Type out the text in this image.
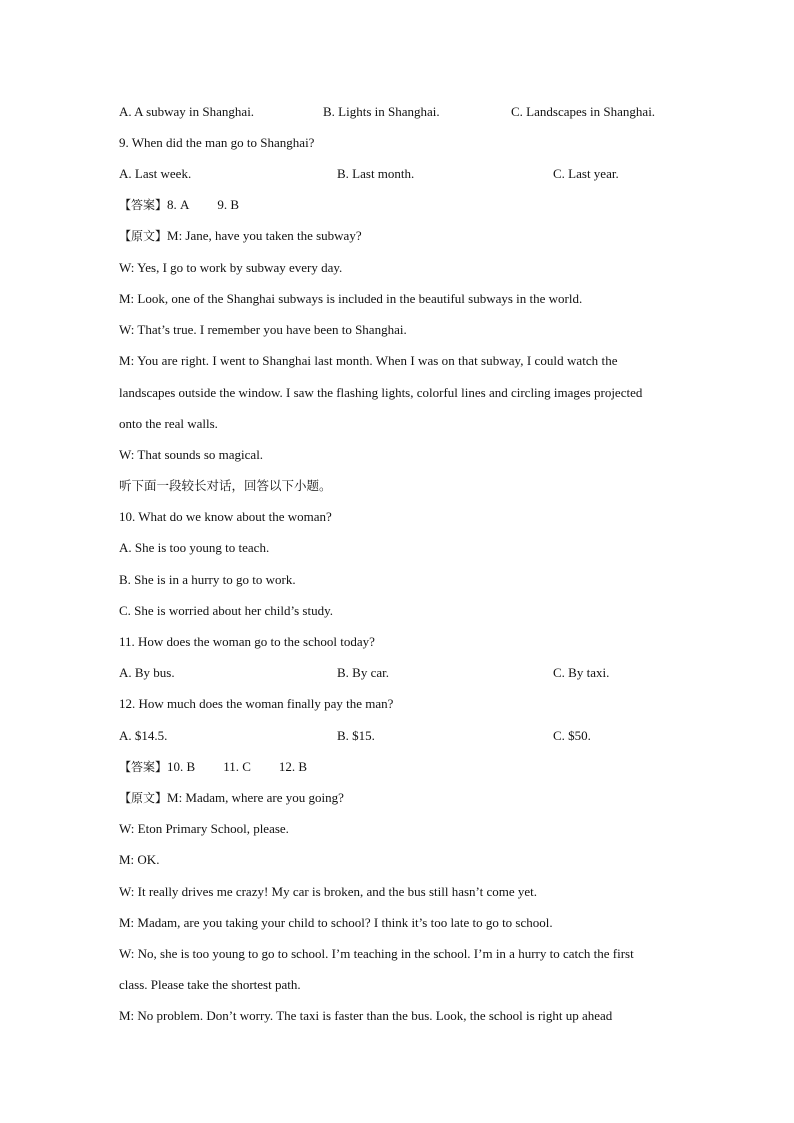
A. A subway in Shanghai.	B. Lights in Shanghai.	C. Landscapes in Shanghai.
9. When did the man go to Shanghai?
A. Last week.	B. Last month.	C. Last year.
【答案】8. A 9. B
【原文】M: Jane, have you taken the subway?
W: Yes, I go to work by subway every day.
M: Look, one of the Shanghai subways is included in the beautiful subways in the world.
W: That’s true. I remember you have been to Shanghai.
M: You are right. I went to Shanghai last month. When I was on that subway, I could watch the
landscapes outside the window. I saw the flashing lights, colorful lines and circling images projected
onto the real walls.
W: That sounds so magical.
听下面一段较长对话，回答以下小题。
10. What do we know about the woman?
A. She is too young to teach.
B. She is in a hurry to go to work.
C. She is worried about her child’s study.
11. How does the woman go to the school today?
A. By bus.	B. By car.	C. By taxi.
12. How much does the woman finally pay the man?
A. $14.5.	B. $15.	C. $50.
【答案】10. B 11. C 12. B
【原文】M: Madam, where are you going?
W: Eton Primary School, please.
M: OK.
W: It really drives me crazy! My car is broken, and the bus still hasn’t come yet.
M: Madam, are you taking your child to school? I think it’s too late to go to school.
W: No, she is too young to go to school. I’m teaching in the school. I’m in a hurry to catch the first
class. Please take the shortest path.
M: No problem. Don’t worry. The taxi is faster than the bus. Look, the school is right up ahead
